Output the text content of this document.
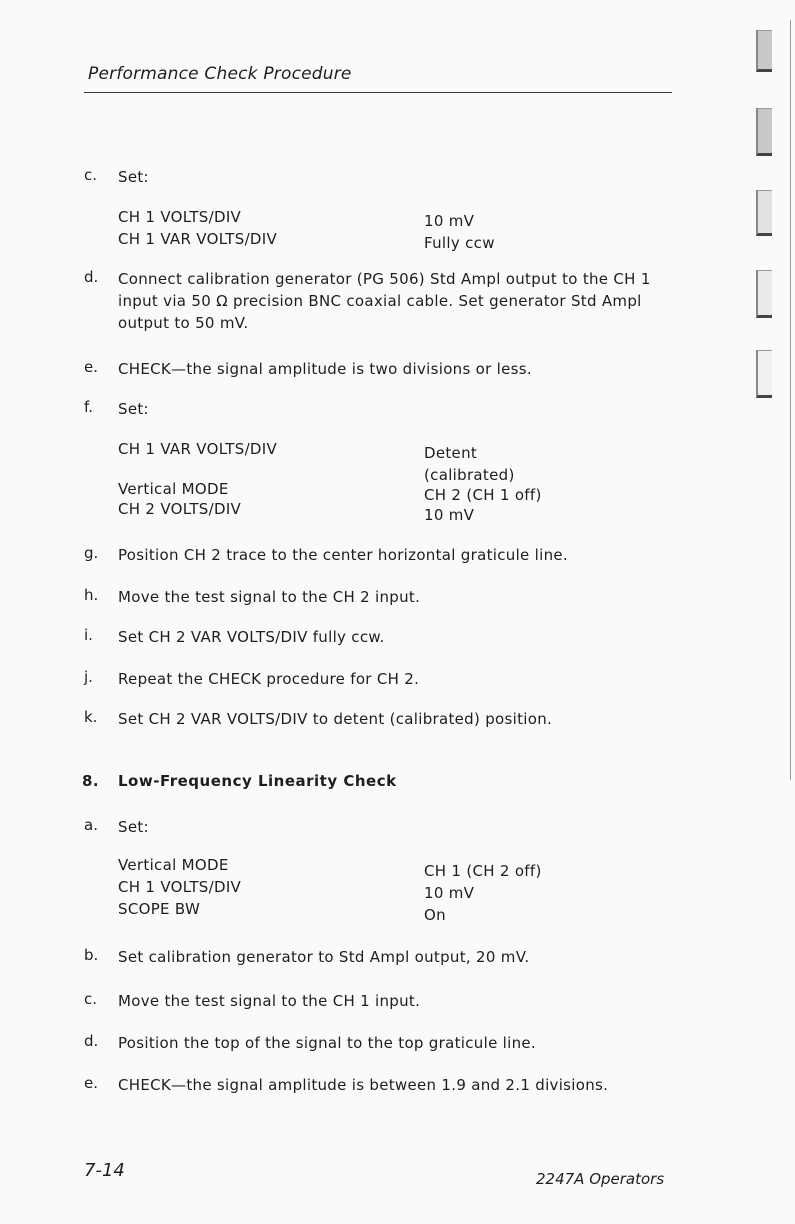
Performance Check Procedure
c. Set:
CH 1 VOLTS/DIV	10 mV
CH 1 VAR VOLTS/DIV	Fully ccw
d. Connect calibration generator (PG 506) Std Ampl output to the CH 1 input via 50 Ω precision BNC coaxial cable. Set generator Std Ampl output to 50 mV.
e. CHECK—the signal amplitude is two divisions or less.
f. Set:
CH 1 VAR VOLTS/DIV	Detent
(calibrated)
Vertical MODE	CH 2 (CH 1 off)
CH 2 VOLTS/DIV	10 mV
g. Position CH 2 trace to the center horizontal graticule line.
h. Move the test signal to the CH 2 input.
i. Set CH 2 VAR VOLTS/DIV fully ccw.
j. Repeat the CHECK procedure for CH 2.
k. Set CH 2 VAR VOLTS/DIV to detent (calibrated) position.
8. Low-Frequency Linearity Check
a. Set:
Vertical MODE	CH 1 (CH 2 off)
CH 1 VOLTS/DIV	10 mV
SCOPE BW	On
b. Set calibration generator to Std Ampl output, 20 mV.
c. Move the test signal to the CH 1 input.
d. Position the top of the signal to the top graticule line.
e. CHECK—the signal amplitude is between 1.9 and 2.1 divisions.
7-14	2247A Operators
